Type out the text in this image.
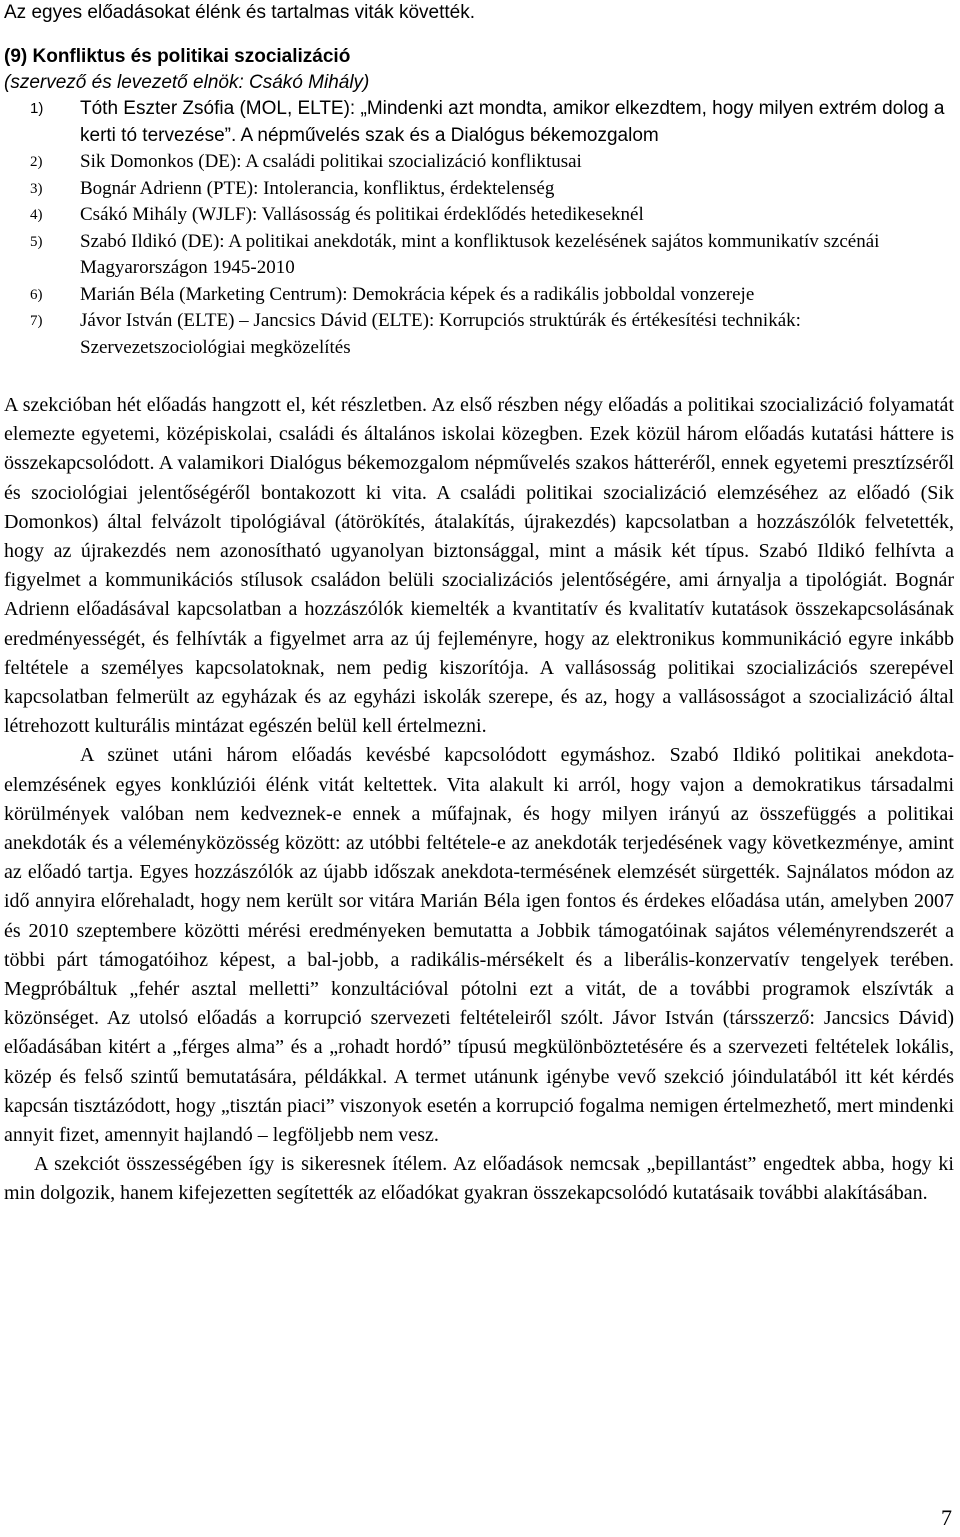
Az egyes előadásokat élénk és tartalmas viták követték.

(9) Konfliktus és politikai szocializáció

(szervező és levezető elnök: Csákó Mihály)

1) Tóth Eszter Zsófia (MOL, ELTE): „Mindenki azt mondta, amikor elkezdtem, hogy milyen extrém dolog a kerti tó tervezése”. A népművelés szak és a Dialógus békemozgalom
2) Sik Domonkos (DE): A családi politikai szocializáció konfliktusai
3) Bognár Adrienn (PTE): Intolerancia, konfliktus, érdektelenség
4) Csákó Mihály (WJLF): Vallásosság és politikai érdeklődés hetedikeseknél
5) Szabó Ildikó (DE): A politikai anekdoták, mint a konfliktusok kezelésének sajátos kommunikatív szcénái Magyarországon 1945-2010
6) Marián Béla (Marketing Centrum): Demokrácia képek és a radikális jobboldal vonzereje
7) Jávor István (ELTE) – Jancsics Dávid (ELTE): Korrupciós struktúrák és értékesítési technikák: Szervezetszociológiai megközelítés

A szekcióban hét előadás hangzott el, két részletben. Az első részben négy előadás a politikai szocializáció folyamatát elemezte egyetemi, középiskolai, családi és általános iskolai közegben. Ezek közül három előadás kutatási háttere is összekapcsolódott. A valamikori Dialógus békemozgalom népművelés szakos hátteréről, ennek egyetemi presztízséről és szociológiai jelentőségéről bontakozott ki vita. A családi politikai szocializáció elemzéséhez az előadó (Sik Domonkos) által felvázolt tipológiával (átörökítés, átalakítás, újrakezdés) kapcsolatban a hozzászólók felvetették, hogy az újrakezdés nem azonosítható ugyanolyan biztonsággal, mint a másik két típus. Szabó Ildikó felhívta a figyelmet a kommunikációs stílusok családon belüli szocializációs jelentőségére, ami árnyalja a tipológiát. Bognár Adrienn előadásával kapcsolatban a hozzászólók kiemelték a kvantitatív és kvalitatív kutatások összekapcsolásának eredményességét, és felhívták a figyelmet arra az új fejleményre, hogy az elektronikus kommunikáció egyre inkább feltétele a személyes kapcsolatoknak, nem pedig kiszorítója. A vallásosság politikai szocializációs szerepével kapcsolatban felmerült az egyházak és az egyházi iskolák szerepe, és az, hogy a vallásosságot a szocializáció által létrehozott kulturális mintázat egészén belül kell értelmezni.

A szünet utáni három előadás kevésbé kapcsolódott egymáshoz. Szabó Ildikó politikai anekdota-elemzésének egyes konklúziói élénk vitát keltettek. Vita alakult ki arról, hogy vajon a demokratikus társadalmi körülmények valóban nem kedveznek-e ennek a műfajnak, és hogy milyen irányú az összefüggés a politikai anekdoták és a véleményközösség között: az utóbbi feltétele-e az anekdoták terjedésének vagy következménye, amint az előadó tartja. Egyes hozzászólók az újabb időszak anekdota-termésének elemzését sürgették. Sajnálatos módon az idő annyira előrehaladt, hogy nem került sor vitára Marián Béla igen fontos és érdekes előadása után, amelyben 2007 és 2010 szeptembere közötti mérési eredményeken bemutatta a Jobbik támogatóinak sajátos véleményrendszerét a többi párt támogatóihoz képest, a bal-jobb, a radikális-mérsékelt és a liberális-konzervatív tengelyek terében. Megpróbáltuk „fehér asztal melletti” konzultációval pótolni ezt a vitát, de a további programok elszívták a közönséget. Az utolsó előadás a korrupció szervezeti feltételeiről szólt. Jávor István (társszerző: Jancsics Dávid) előadásában kitért a „férges alma” és a „rohadt hordó” típusú megkülönböztetésére és a szervezeti feltételek lokális, közép és felső szintű bemutatására, példákkal. A termet utánunk igénybe vevő szekció jóindulatából itt két kérdés kapcsán tisztázódott, hogy „tisztán piaci” viszonyok esetén a korrupció fogalma nemigen értelmezhető, mert mindenki annyit fizet, amennyit hajlandó – legföljebb nem vesz.

A szekciót összességében így is sikeresnek ítélem. Az előadások nemcsak „bepillantást” engedtek abba, hogy ki min dolgozik, hanem kifejezetten segítették az előadókat gyakran összekapcsolódó kutatásaik további alakításában.

7
